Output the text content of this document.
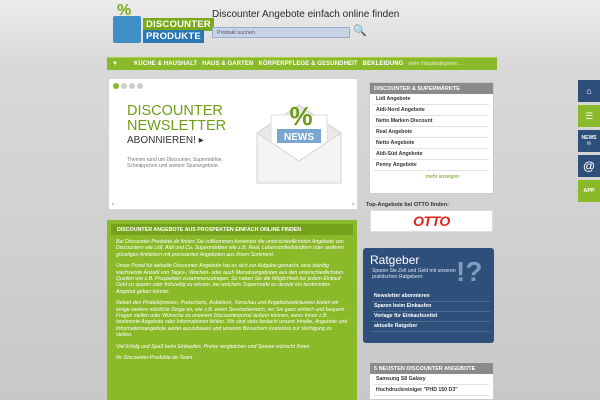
%
DISCOUNTER
PRODUKTE
Discounter Angebote einfach online finden
Produkt suchen	🔍
▼	KÜCHE & HAUSHALT HAUS & GARTEN KÖRPERPFLEGE & GESUNDHEIT BEKLEIDUNG mehr Hauptkategorien...
DISCOUNTER
NEWSLETTER
ABONNIEREN! ▸
Themen rund um Discounter, Supermärkte, Schnäppchen und weitere Sparangebote.
NEWS
%
‹	›
DISCOUNTER & SUPERMÄRKTE
Lidl Angebote
Aldi-Nord Angebote
Netto Marken Discount
Real Angebote
Netto Angebote
Aldi-Süd Angebote
Penny Angebote
mehr anzeigen
DISCOUNTER ANGEBOTE AUS PROSPEKTEN EINFACH ONLINE FINDEN

Bei Discounter-Produkte.de finden Sie vollkommen kostenlos die unterschiedlichsten Angebote von Discountern wie Lidl, Aldi und Co, Supermärkten wie z.B. Real, Lebensmittelhändlern oder anderen günstigen Anbietern mit preiswerten Angeboten aus ihrem Sortiment.

Unser Portal für aktuelle Discounter Angebote hat es sich zur Aufgabe gemacht, eine ständig wachsende Anzahl von Tages-, Wochen- oder auch Monatsangeboten aus den unterschiedlichsten Quellen wie z.B. Prospekten zusammenzutragen. So haben Sie die Möglichkeit bei jedem Einkauf Geld zu sparen oder frühzeitig zu wissen, bei welchem Supermarkt es derzeit ein bestimmtes Angebot geben könnte.

Neben den Produktpreisen, Preischarts, Anbietern, Vorschau und Angebotszeiträumen bieten wir einige weitere nützliche Dinge an, wie z.B. einen Serviceberreich, wo Sie ganz einfach und bequem Fragen stellen oder Wünsche zu unserem Discounterportal äußern können, wenn Ihnen z.B. bestimmte Angebote oder Informationen fehlen. Wir sind stets bedacht unsere Inhalte, Angebote und Informationsangebote weiter auszubauen und unseren Besuchern kostenlos zur Verfügung zu stellen.

Viel Erfolg und Spaß beim Einkaufen, Preise vergleichen und Sparen wünscht Ihnen

Ihr Discounter-Produkte.de-Team

Top-Angebote bei OTTO finden:
OTTO
Ratgeber
Sparen Sie Zeit und Geld mit unseren praktischen Ratgebern:	!?
Newsletter abonnieren
Sparen beim Einkaufen
Vorlage für Einkaufszettel
aktuelle Ratgeber
5 NEUSTEN DISCOUNTER ANGEBOTE
Samsung S8 Galaxy
Hochdruckreiniger "PHD 150 D3"
⌂
☰
NEWS
✉
@
APP
